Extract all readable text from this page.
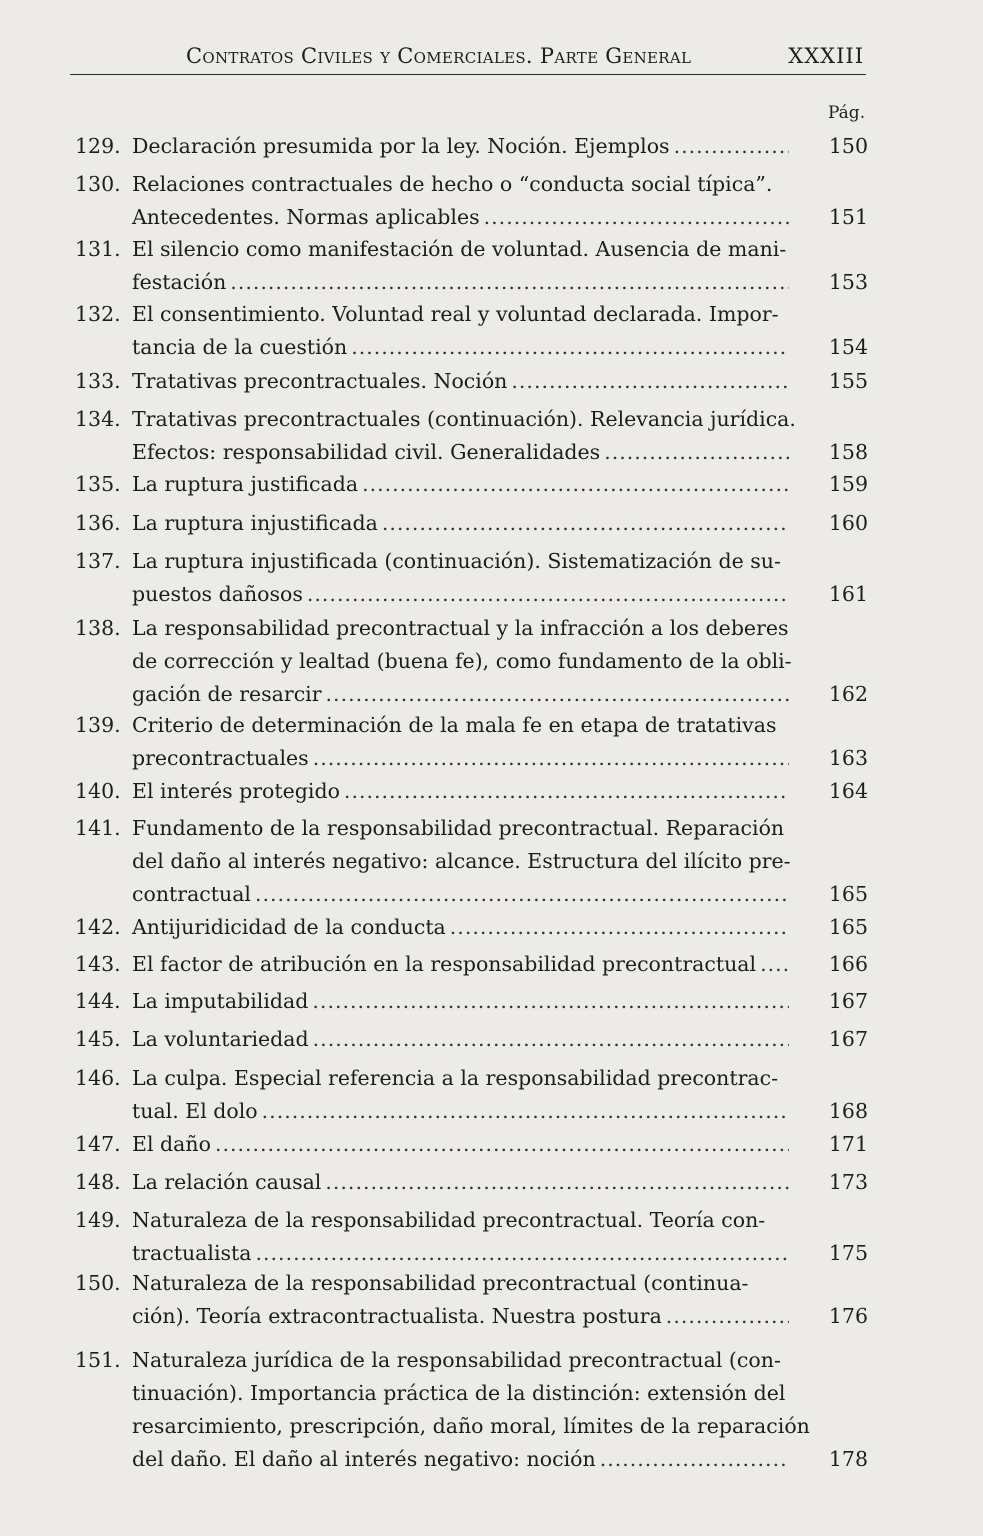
Contratos Civiles y Comerciales. Parte General	XXXIII
Pág.
129. Declaración presumida por la ley. Noción. Ejemplos .....	150
130. Relaciones contractuales de hecho o “conducta social típica”.
Antecedentes. Normas aplicables .....	151
131. El silencio como manifestación de voluntad. Ausencia de mani-
festación .....	153
132. El consentimiento. Voluntad real y voluntad declarada. Impor-
tancia de la cuestión .....	154
133. Tratativas precontractuales. Noción .....	155
134. Tratativas precontractuales (continuación). Relevancia jurídica.
Efectos: responsabilidad civil. Generalidades .....	158
135. La ruptura justificada .....	159
136. La ruptura injustificada .....	160
137. La ruptura injustificada (continuación). Sistematización de su-
puestos dañosos .....	161
138. La responsabilidad precontractual y la infracción a los deberes
de corrección y lealtad (buena fe), como fundamento de la obli-
gación de resarcir .....	162
139. Criterio de determinación de la mala fe en etapa de tratativas
precontractuales .....	163
140. El interés protegido .....	164
141. Fundamento de la responsabilidad precontractual. Reparación
del daño al interés negativo: alcance. Estructura del ilícito pre-
contractual .....	165
142. Antijuridicidad de la conducta .....	165
143. El factor de atribución en la responsabilidad precontractual .....	166
144. La imputabilidad .....	167
145. La voluntariedad .....	167
146. La culpa. Especial referencia a la responsabilidad precontrac-
tual. El dolo .....	168
147. El daño .....	171
148. La relación causal .....	173
149. Naturaleza de la responsabilidad precontractual. Teoría con-
tractualista .....	175
150. Naturaleza de la responsabilidad precontractual (continua-
ción). Teoría extracontractualista. Nuestra postura .....	176
151. Naturaleza jurídica de la responsabilidad precontractual (con-
tinuación). Importancia práctica de la distinción: extensión del
resarcimiento, prescripción, daño moral, límites de la reparación
del daño. El daño al interés negativo: noción .....	178
